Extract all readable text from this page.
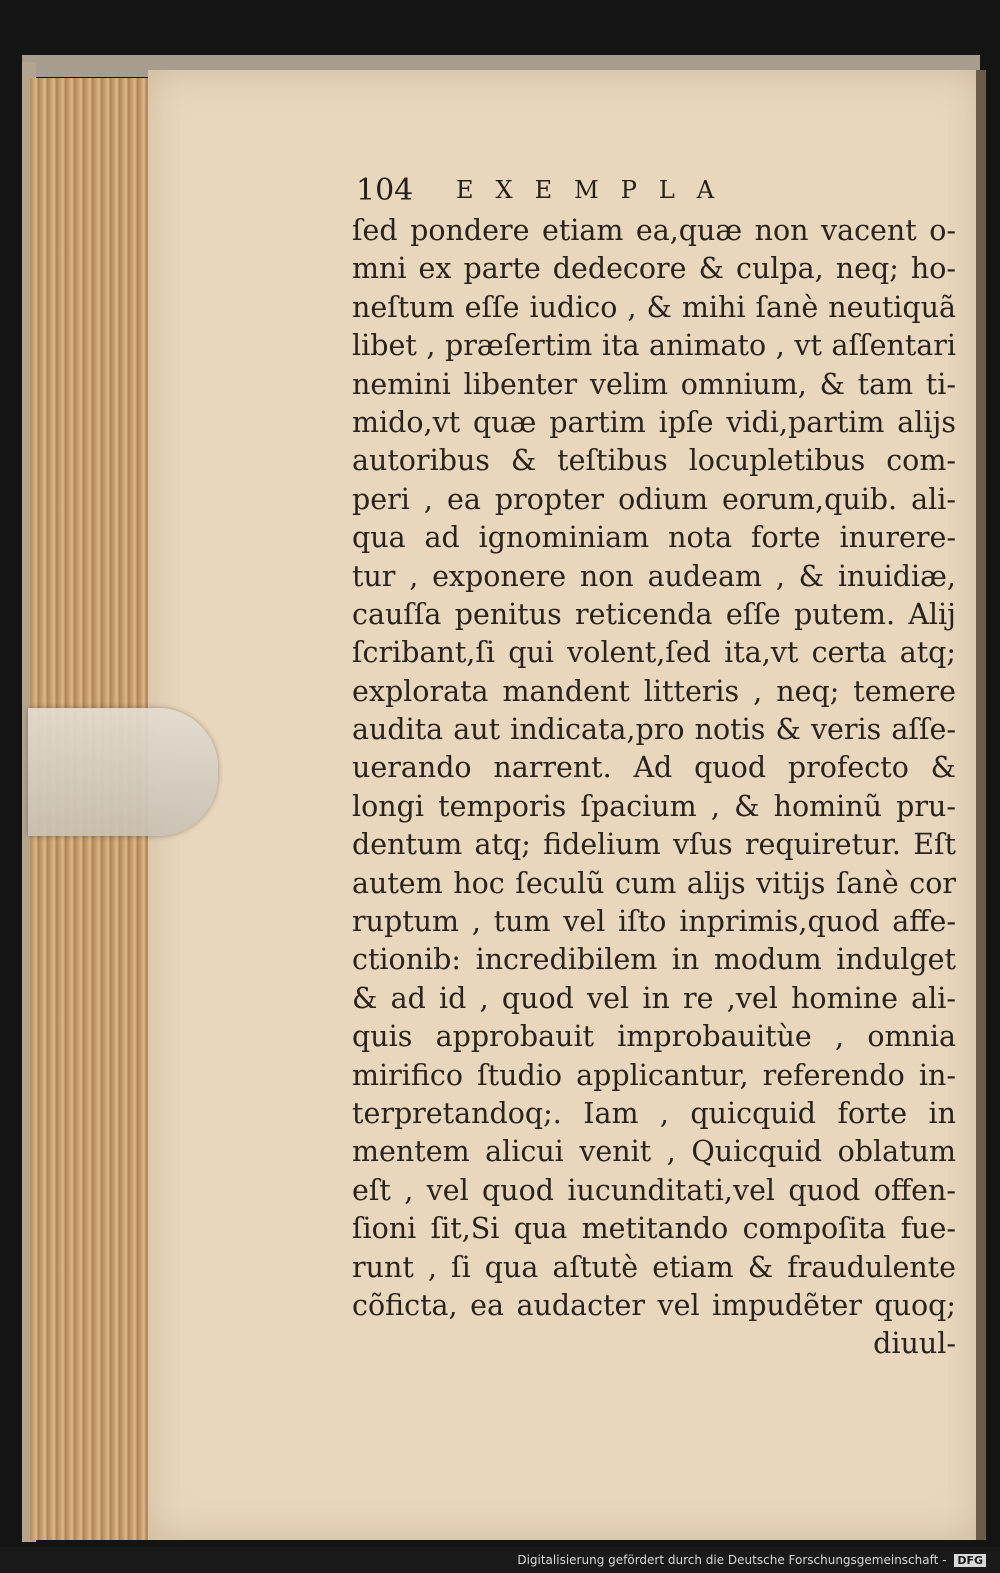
104	EXEMPLA
ſed pondere etiam ea,quæ non vacent o-
mni ex parte dedecore & culpa, neq; ho-
neſtum eſſe iudico , & mihi ſanè neutiquã
libet , præſertim ita animato , vt aſſentari
nemini libenter velim omnium, & tam ti-
mido,vt quæ partim ipſe vidi,partim alijs
autoribus & teſtibus locupletibus com-
peri , ea propter odium eorum,quib. ali-
qua ad ignominiam nota forte inurere-
tur , exponere non audeam , & inuidiæ,
cauſſa penitus reticenda eſſe putem. Alij
ſcribant,ſi qui volent,ſed ita,vt certa atq;
explorata mandent litteris , neq; temere
audita aut indicata,pro notis & veris aſſe-
uerando narrent. Ad quod profecto &
longi temporis ſpacium , & hominũ pru-
dentum atq; fidelium vſus requiretur. Eſt
autem hoc ſeculũ cum alijs vitijs ſanè cor
ruptum , tum vel iſto inprimis,quod affe-
ctionib: incredibilem in modum indulget
& ad id , quod vel in re ,vel homine ali-
quis approbauit improbauitùe , omnia
mirifico ſtudio applicantur, referendo in-
terpretandoq;. Iam , quicquid forte in
mentem alicui venit , Quicquid oblatum
eſt , vel quod iucunditati,vel quod offen-
ſioni ſit,Si qua metitando compoſita fue-
runt , ſi qua aſtutè etiam & fraudulente
cõficta, ea audacter vel impudẽter quoq;
diuul-
Digitalisierung gefördert durch die Deutsche Forschungsgemeinschaft - DFG
